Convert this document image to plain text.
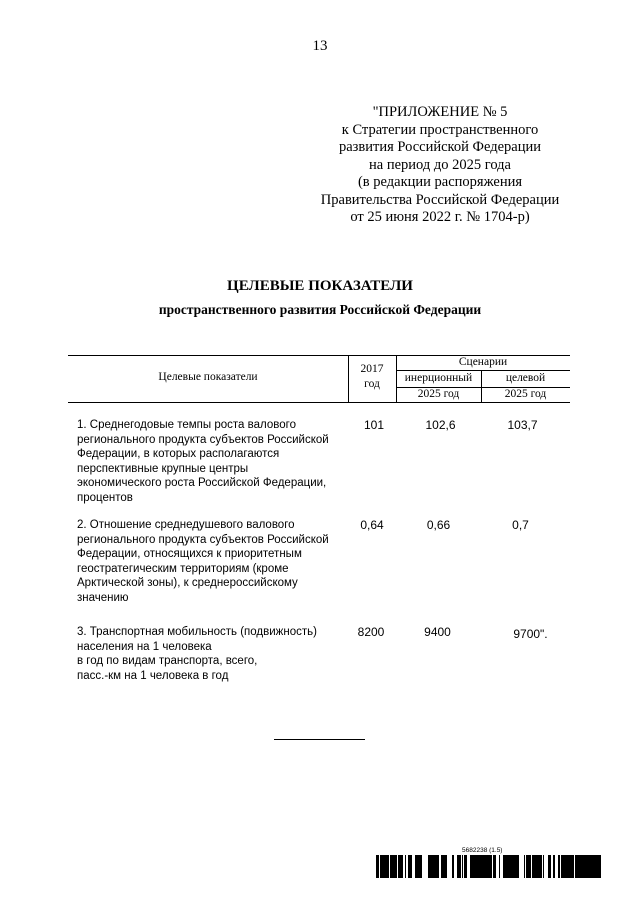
13
"ПРИЛОЖЕНИЕ № 5
к Стратегии пространственного
развития Российской Федерации
на период до 2025 года
(в редакции распоряжения
Правительства Российской Федерации
от 25 июня 2022 г. № 1704-р)
ЦЕЛЕВЫЕ ПОКАЗАТЕЛИ
пространственного развития Российской Федерации
Целевые показатели
2017
год
Сценарии
инерционный	целевой
2025 год	2025 год
1. Среднегодовые темпы роста валового
регионального продукта субъектов Российской
Федерации, в которых располагаются
перспективные крупные центры
экономического роста Российской Федерации,
процентов
101	102,6	103,7
2. Отношение среднедушевого валового
регионального продукта субъектов Российской
Федерации, относящихся к приоритетным
геостратегическим территориям (кроме
Арктической зоны), к среднероссийскому
значению
0,64	0,66	0,7
3. Транспортная мобильность (подвижность)
населения на 1 человека
в год по видам транспорта, всего,
пасс.-км на 1 человека в год
8200	9400	9700".
5682238 (1.5)
